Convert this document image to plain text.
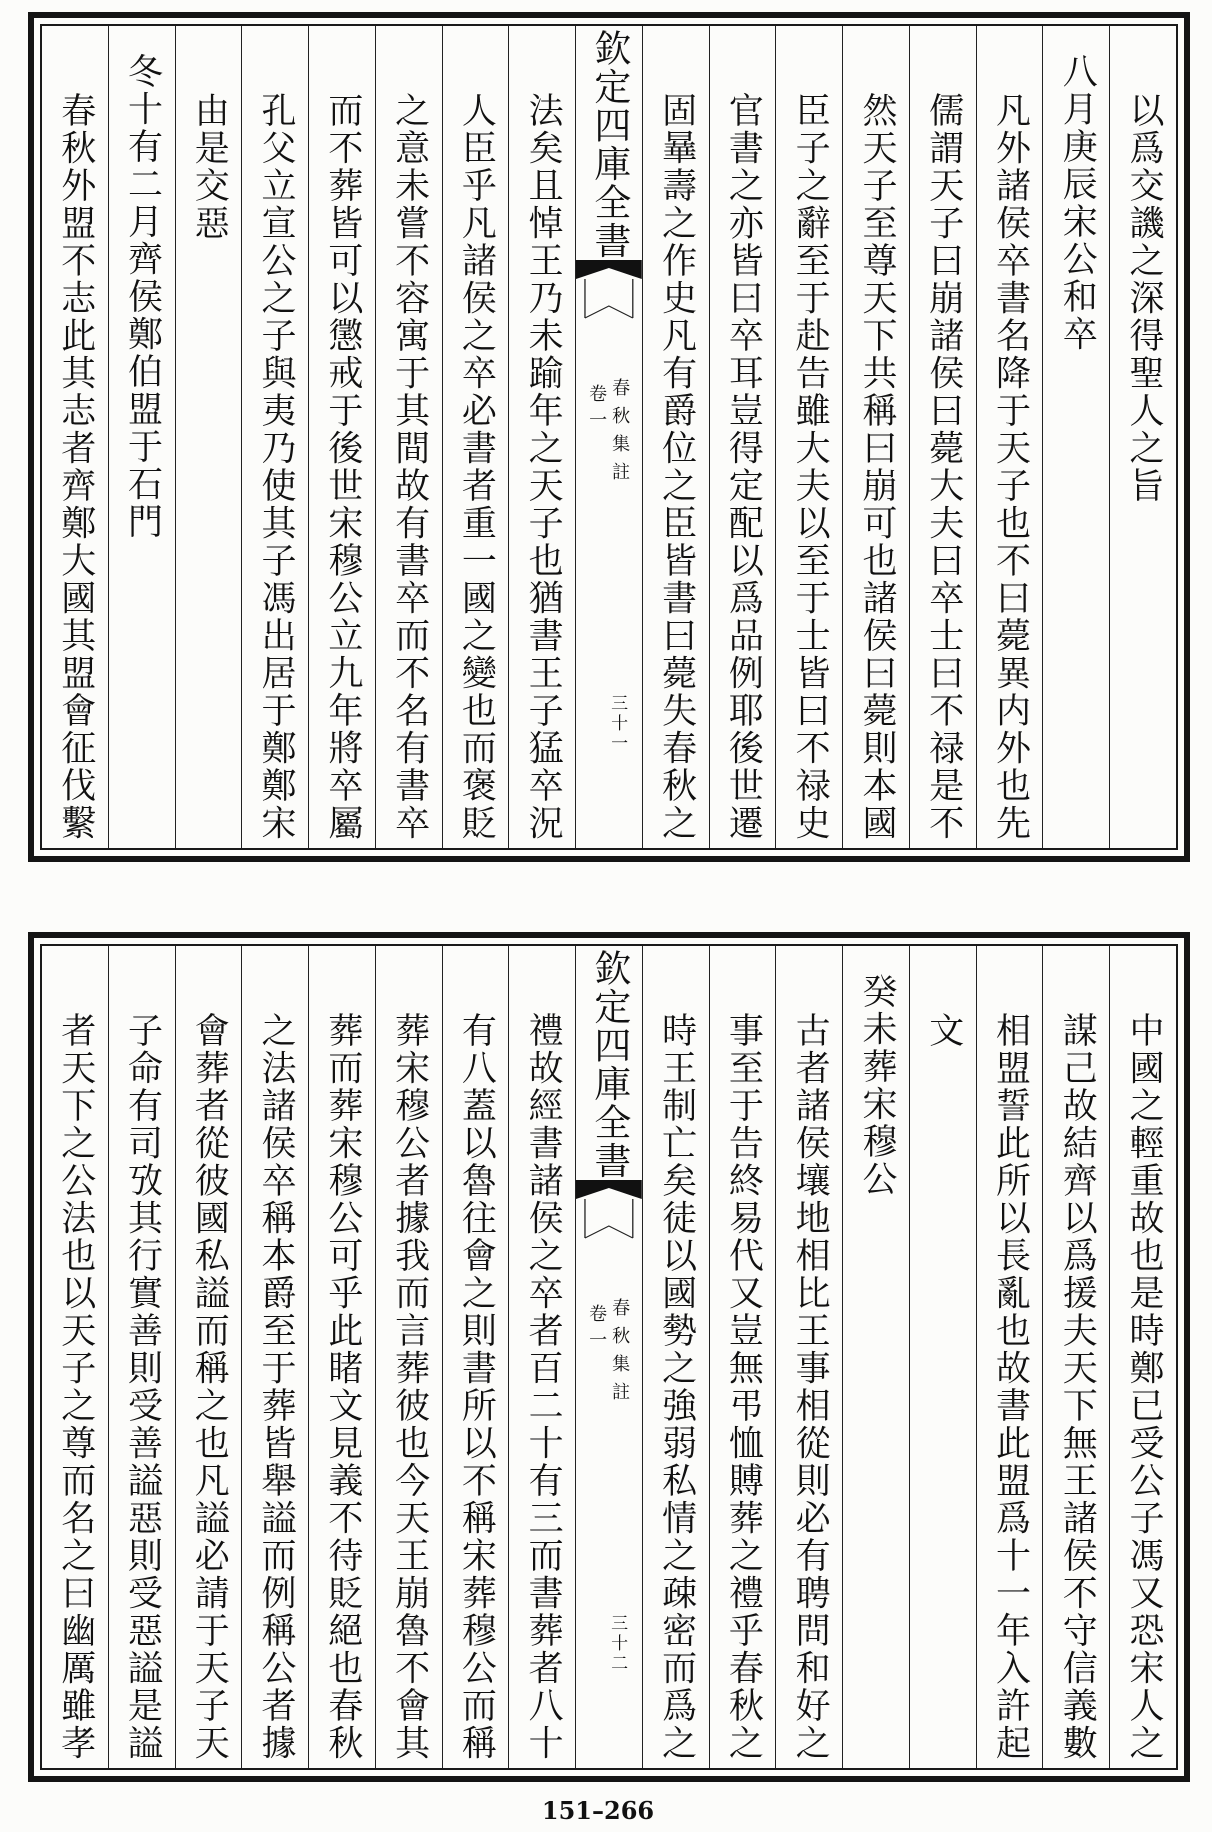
以爲交譏之深得聖人之旨
八月庚辰宋公和卒
凡外諸侯卒書名降于天子也不曰薨異内外也先
儒謂天子曰崩諸侯曰薨大夫曰卒士曰不禄是不
然天子至尊天下共稱曰崩可也諸侯曰薨則本國
臣子之辭至于赴告雖大夫以至于士皆曰不禄史
官書之亦皆曰卒耳豈得定配以爲品例耶後世遷
固曅壽之作史凡有爵位之臣皆書曰薨失春秋之
欽定四庫全書
春秋集註
卷一
三十一
法矣且悼王乃未踰年之天子也猶書王子猛卒況
人臣乎凡諸侯之卒必書者重一國之變也而褒貶
之意未嘗不容寓于其間故有書卒而不名有書卒
而不葬皆可以懲戒于後世宋穆公立九年將卒屬
孔父立宣公之子與夷乃使其子馮出居于鄭鄭宋
由是交惡
冬十有二月齊侯鄭伯盟于石門
春秋外盟不志此其志者齊鄭大國其盟會征伐繫
中國之輕重故也是時鄭已受公子馮又恐宋人之
謀己故結齊以爲援夫天下無王諸侯不守信義數
相盟誓此所以長亂也故書此盟爲十一年入許起
文
癸未葬宋穆公
古者諸侯壤地相比王事相從則必有聘問和好之
事至于告終易代又豈無弔恤賻葬之禮乎春秋之
時王制亡矣徒以國勢之強弱私情之疎密而爲之
欽定四庫全書
春秋集註
卷一
三十二
禮故經書諸侯之卒者百二十有三而書葬者八十
有八蓋以魯往會之則書所以不稱宋葬穆公而稱
葬宋穆公者據我而言葬彼也今天王崩魯不會其
葬而葬宋穆公可乎此睹文見義不待貶絕也春秋
之法諸侯卒稱本爵至于葬皆舉謚而例稱公者據
會葬者從彼國私謚而稱之也凡謚必請于天子天
子命有司攷其行實善則受善謚惡則受惡謚是謚
者天下之公法也以天子之尊而名之曰幽厲雖孝
151–266
